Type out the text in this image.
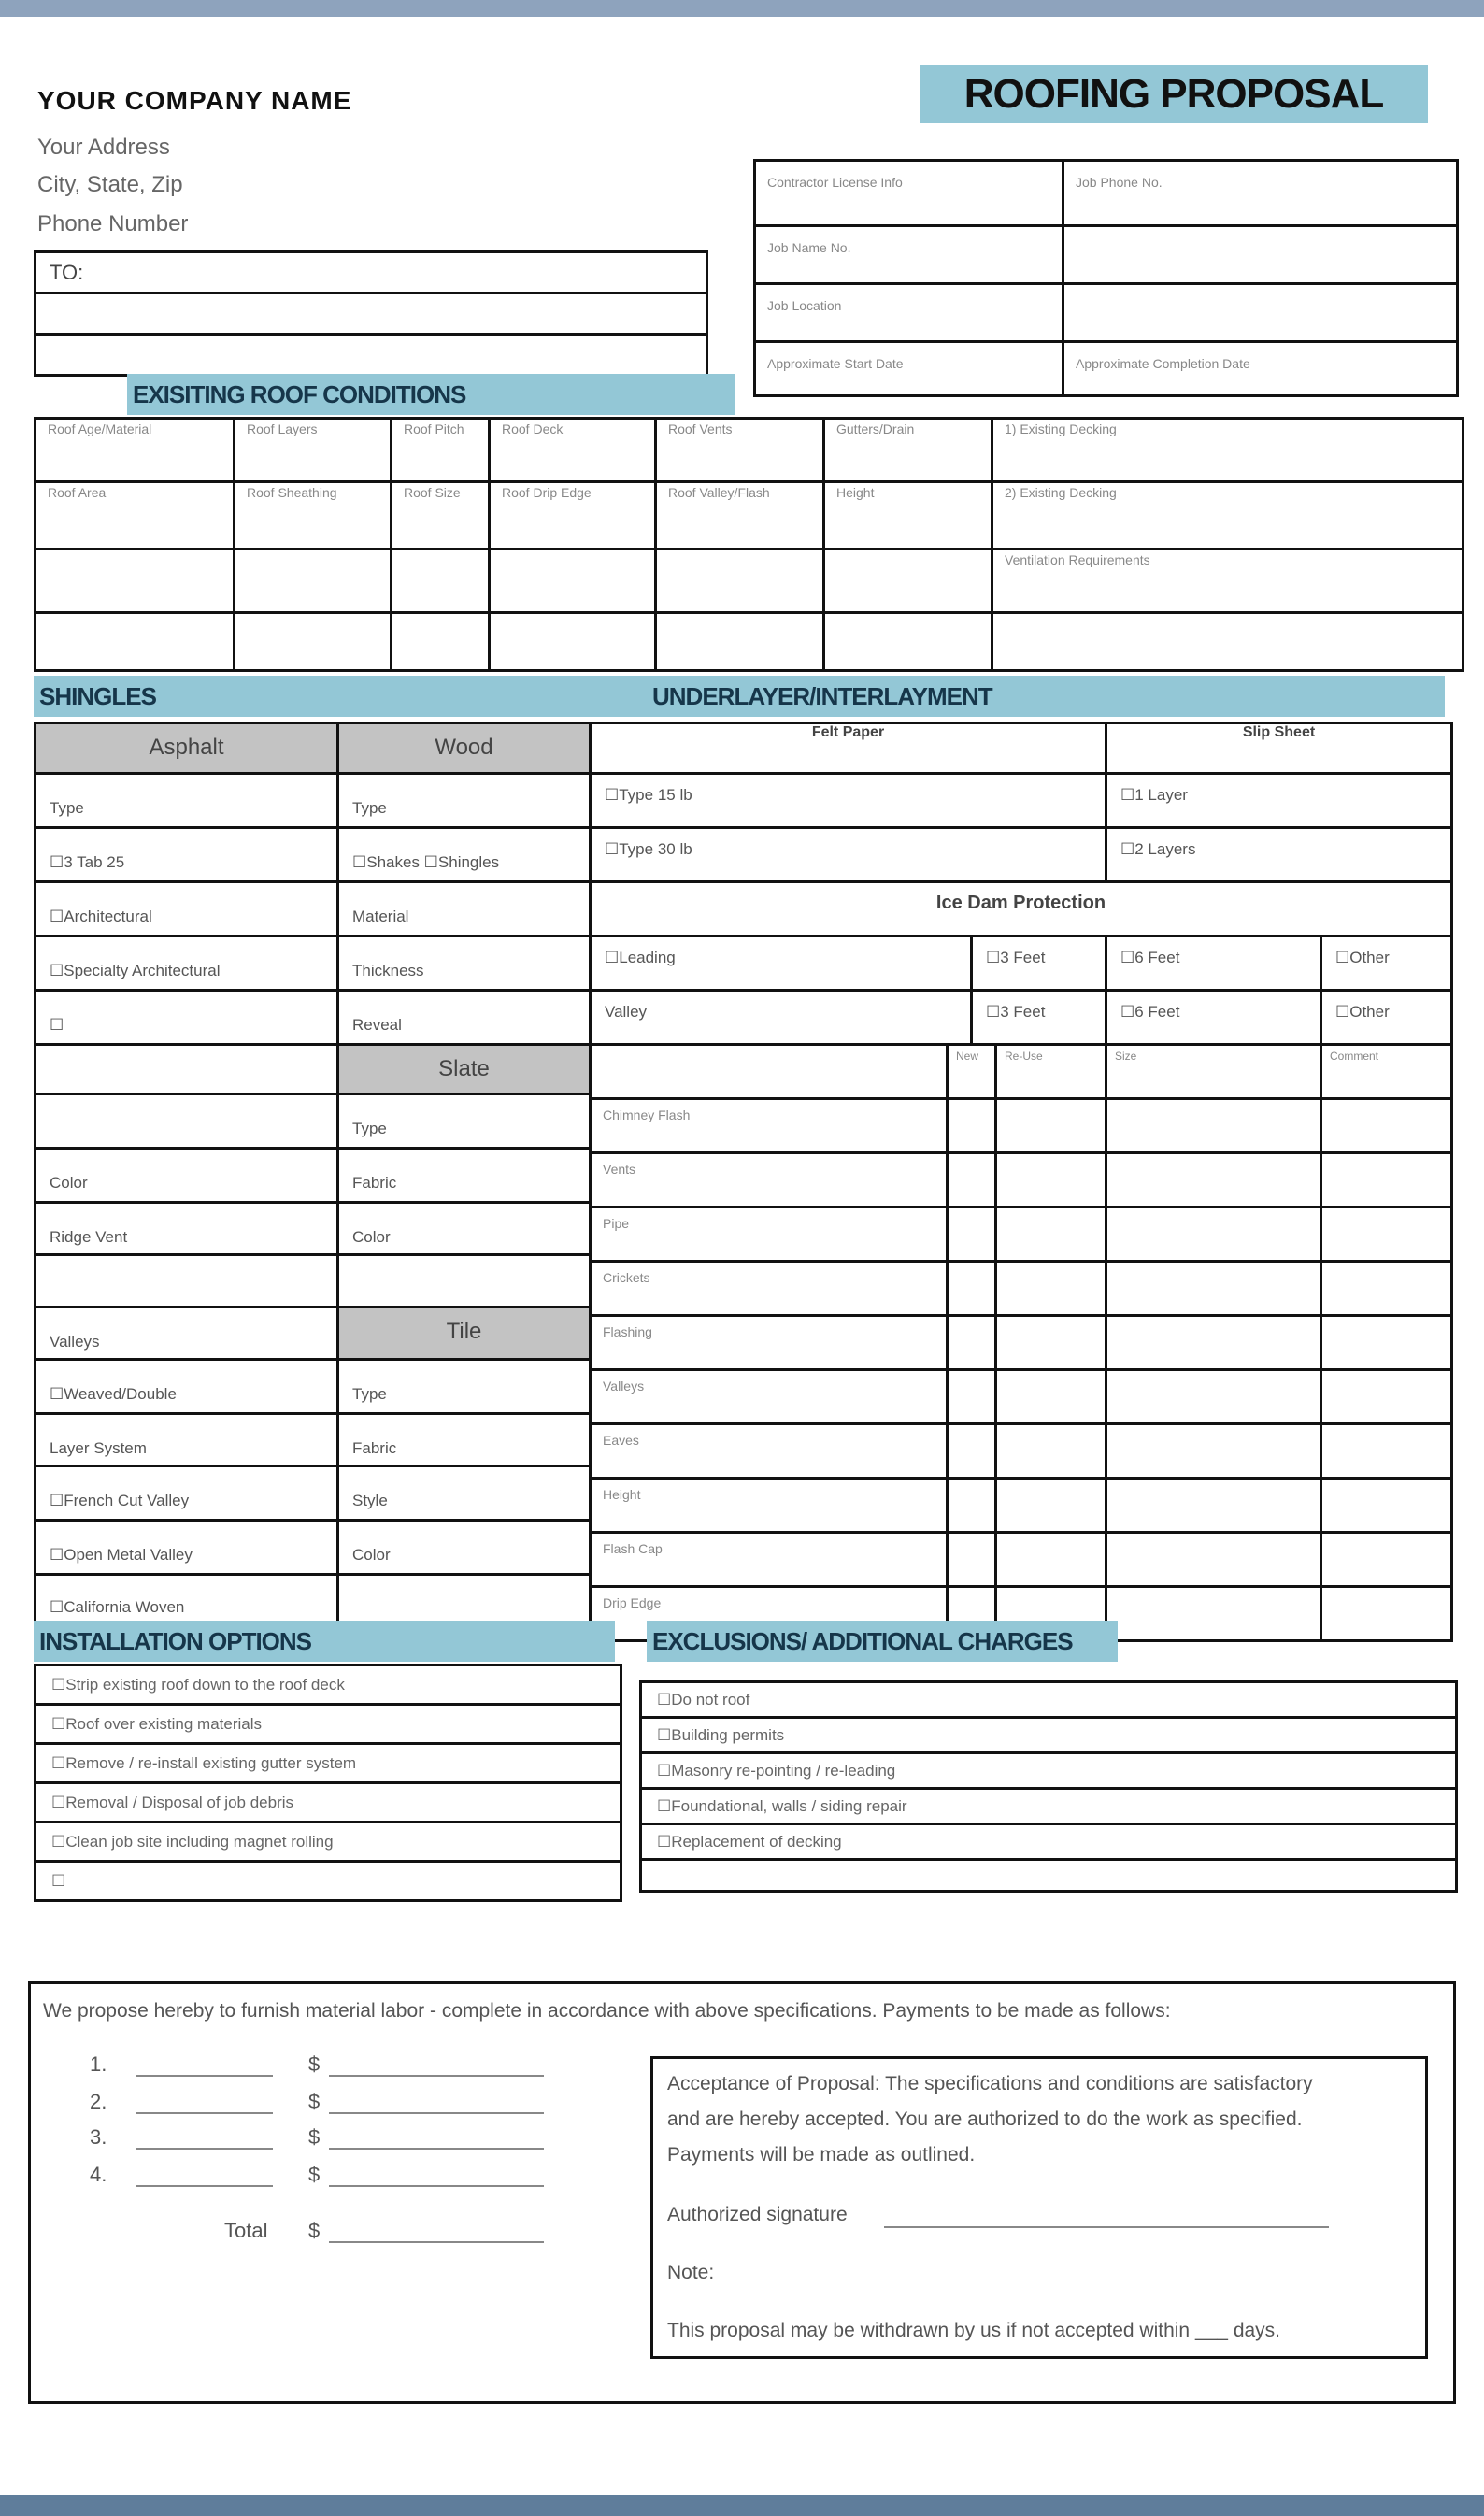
YOUR COMPANY NAME
Your Address
City, State, Zip
Phone Number
ROOFING PROPOSAL
TO:

Contractor License Info	Job Phone No.

Job Name No.	

Job Location	

Approximate Start Date	Approximate Completion Date
EXISITING ROOF CONDITIONS
Roof Age/Material	Roof Layers	Roof Pitch	Roof Deck	Roof Vents	Gutters/Drain	1) Existing Decking

Roof Area	Roof Sheathing	Roof Size	Roof Drip Edge	Roof Valley/Flash	Height	2) Existing Decking

						Ventilation Requirements

SHINGLES	UNDERLAYER/INTERLAYMENT
Asphalt	Wood

Type	Type

☐3 Tab 25	☐Shakes ☐Shingles

☐Architectural	Material

☐Specialty Architectural	Thickness

☐	Reveal

	Slate

	Type

Color	Fabric

Ridge Vent	Color

Valleys	Tile

☐Weaved/Double	Type

Layer System	Fabric

☐French Cut Valley	Style

☐Open Metal Valley	Color

☐California Woven	

Felt Paper	Slip Sheet

☐Type 15 lb	☐1 Layer

☐Type 30 lb	☐2 Layers

Ice Dam Protection	
☐Leading	☐3 Feet	☐6 Feet	☐Other

Valley	☐3 Feet	☐6 Feet	☐Other

	New	Re-Use	Size	Comment

Chimney Flash				

Vents				

Pipe				

Crickets				

Flashing				

Valleys				

Eaves				

Height				

Flash Cap				

Drip Edge				

INSTALLATION OPTIONS
☐Strip existing roof down to the roof deck

☐Roof over existing materials

☐Remove / re-install existing gutter system

☐Removal / Disposal of job debris

☐Clean job site including magnet rolling

☐
EXCLUSIONS/ ADDITIONAL CHARGES
☐Do not roof

☐Building permits

☐Masonry re-pointing / re-leading

☐Foundational, walls / siding repair

☐Replacement of decking

We propose hereby to furnish material labor - complete in accordance with above specifications. Payments to be made as follows:
1.	$
2.	$
3.	$
4.	$
Total $
Acceptance of Proposal: The specifications and conditions are satisfactory
and are hereby accepted. You are authorized to do the work as specified.
Payments will be made as outlined.
Authorized signature
Note:
This proposal may be withdrawn by us if not accepted within ___ days.
